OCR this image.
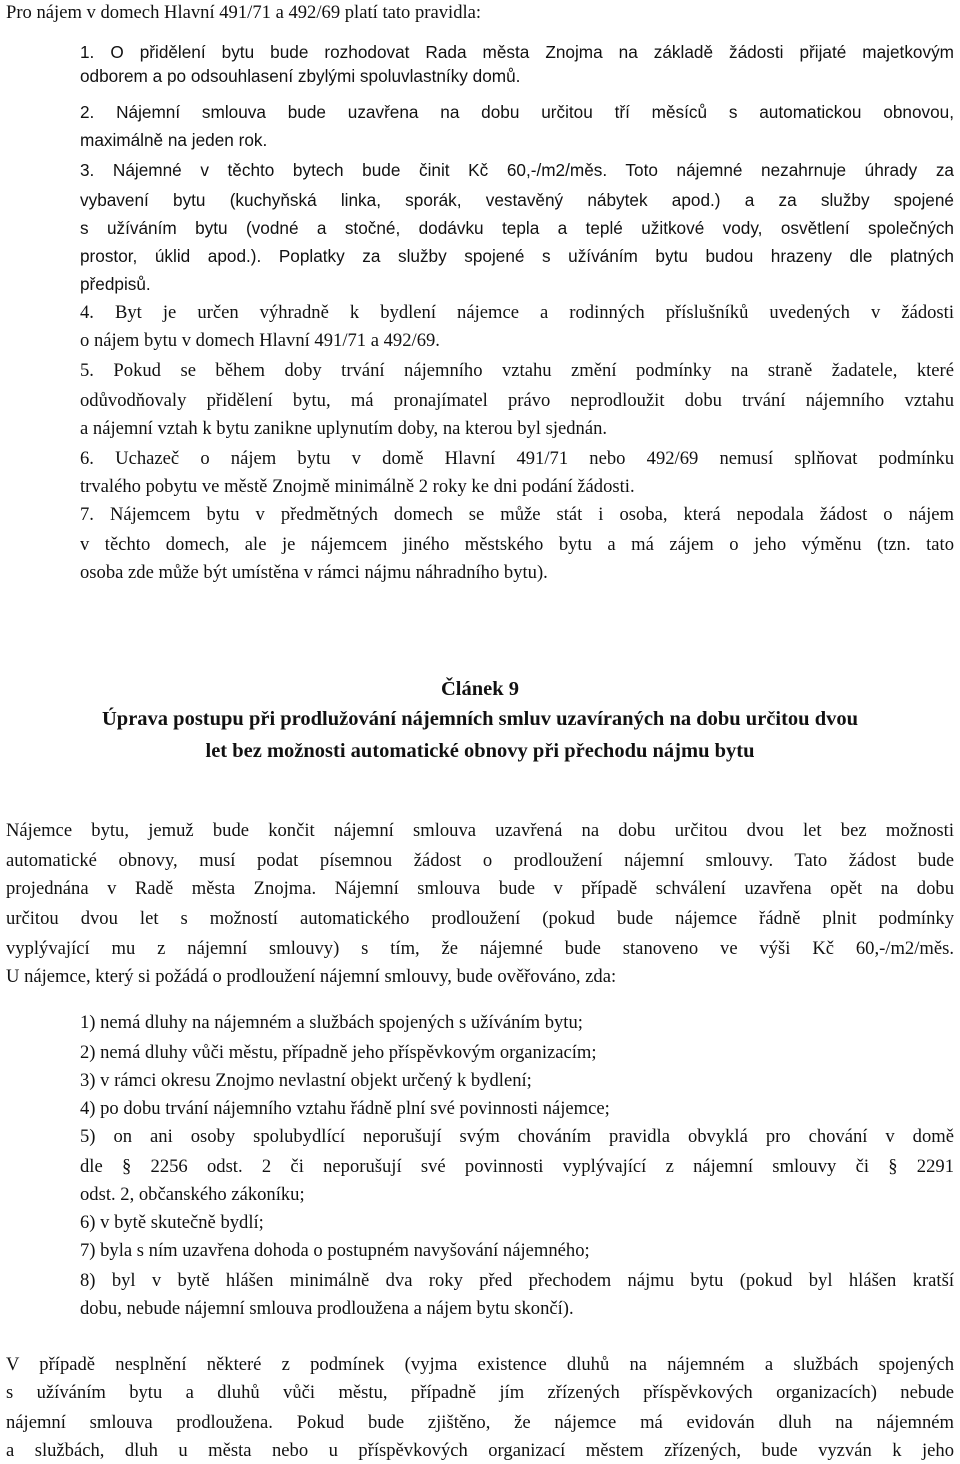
Pro nájem v domech Hlavní 491/71 a 492/69 platí tato pravidla:
1. O přidělení bytu bude rozhodovat Rada města Znojma na základě žádosti přijaté majetkovým
odborem a po odsouhlasení zbylými spoluvlastníky domů.
2. Nájemní smlouva bude uzavřena na dobu určitou tří měsíců s automatickou obnovou,
maximálně na jeden rok.
3. Nájemné v těchto bytech bude činit Kč 60,-/m2/měs. Toto nájemné nezahrnuje úhrady za
vybavení bytu (kuchyňská linka, sporák, vestavěný nábytek apod.) a za služby spojené
s užíváním bytu (vodné a stočné, dodávku tepla a teplé užitkové vody, osvětlení společných
prostor, úklid apod.). Poplatky za služby spojené s užíváním bytu budou hrazeny dle platných
předpisů.
4. Byt je určen výhradně k bydlení nájemce a rodinných příslušníků uvedených v žádosti
o nájem bytu v domech Hlavní 491/71 a 492/69.
5. Pokud se během doby trvání nájemního vztahu změní podmínky na straně žadatele, které
odůvodňovaly přidělení bytu, má pronajímatel právo neprodloužit dobu trvání nájemního vztahu
a nájemní vztah k bytu zanikne uplynutím doby, na kterou byl sjednán.
6. Uchazeč o nájem bytu v domě Hlavní 491/71 nebo 492/69 nemusí splňovat podmínku
trvalého pobytu ve městě Znojmě minimálně 2 roky ke dni podání žádosti.
7. Nájemcem bytu v předmětných domech se může stát i osoba, která nepodala žádost o nájem
v těchto domech, ale je nájemcem jiného městského bytu a má zájem o jeho výměnu (tzn. tato
osoba zde může být umístěna v rámci nájmu náhradního bytu).
Článek 9
Úprava postupu při prodlužování nájemních smluv uzavíraných na dobu určitou dvou
let bez možnosti automatické obnovy při přechodu nájmu bytu
Nájemce bytu, jemuž bude končit nájemní smlouva uzavřená na dobu určitou dvou let bez možnosti
automatické obnovy, musí podat písemnou žádost o prodloužení nájemní smlouvy. Tato žádost bude
projednána v Radě města Znojma. Nájemní smlouva bude v případě schválení uzavřena opět na dobu
určitou dvou let s možností automatického prodloužení (pokud bude nájemce řádně plnit podmínky
vyplývající mu z nájemní smlouvy) s tím, že nájemné bude stanoveno ve výši Kč 60,-/m2/měs.
U nájemce, který si požádá o prodloužení nájemní smlouvy, bude ověřováno, zda:
1) nemá dluhy na nájemném a službách spojených s užíváním bytu;
2) nemá dluhy vůči městu, případně jeho příspěvkovým organizacím;
3) v rámci okresu Znojmo nevlastní objekt určený k bydlení;
4) po dobu trvání nájemního vztahu řádně plní své povinnosti nájemce;
5) on ani osoby spolubydlící neporušují svým chováním pravidla obvyklá pro chování v domě
dle § 2256 odst. 2 či neporušují své povinnosti vyplývající z nájemní smlouvy či § 2291
odst. 2, občanského zákoníku;
6) v bytě skutečně bydlí;
7) byla s ním uzavřena dohoda o postupném navyšování nájemného;
8) byl v bytě hlášen minimálně dva roky před přechodem nájmu bytu (pokud byl hlášen kratší
dobu, nebude nájemní smlouva prodloužena a nájem bytu skončí).
V případě nesplnění některé z podmínek (vyjma existence dluhů na nájemném a službách spojených
s užíváním bytu a dluhů vůči městu, případně jím zřízených příspěvkových organizacích) nebude
nájemní smlouva prodloužena. Pokud bude zjištěno, že nájemce má evidován dluh na nájemném
a službách, dluh u města nebo u příspěvkových organizací městem zřízených, bude vyzván k jeho
